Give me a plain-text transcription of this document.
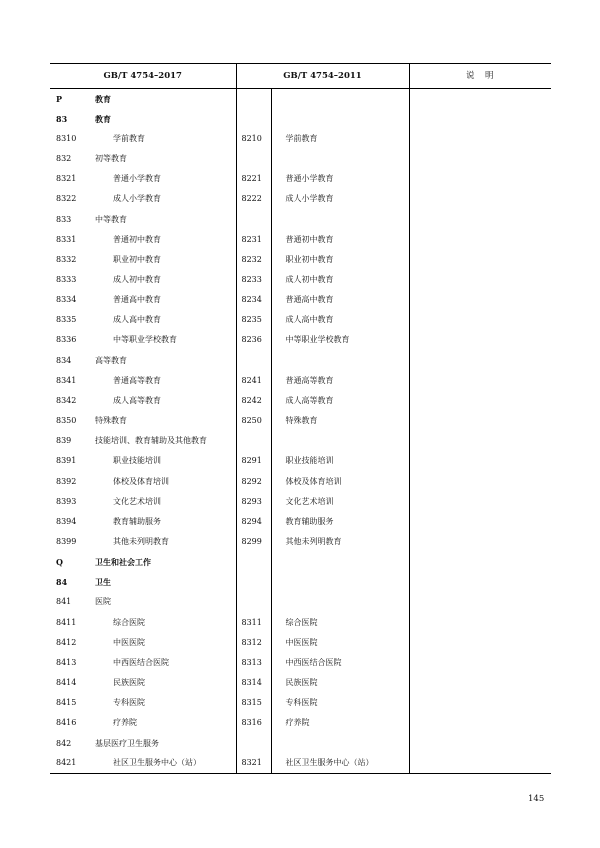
GB/T 4754–2017		GB/T 4754–2011		说　明
P	教育			
83	教育			
8310	学前教育	8210	学前教育	
832	初等教育			
8321	普通小学教育	8221	普通小学教育	
8322	成人小学教育	8222	成人小学教育	
833	中等教育			
8331	普通初中教育	8231	普通初中教育	
8332	职业初中教育	8232	职业初中教育	
8333	成人初中教育	8233	成人初中教育	
8334	普通高中教育	8234	普通高中教育	
8335	成人高中教育	8235	成人高中教育	
8336	中等职业学校教育	8236	中等职业学校教育	
834	高等教育			
8341	普通高等教育	8241	普通高等教育	
8342	成人高等教育	8242	成人高等教育	
8350	特殊教育	8250	特殊教育	
839	技能培训、教育辅助及其他教育			
8391	职业技能培训	8291	职业技能培训	
8392	体校及体育培训	8292	体校及体育培训	
8393	文化艺术培训	8293	文化艺术培训	
8394	教育辅助服务	8294	教育辅助服务	
8399	其他未列明教育	8299	其他未列明教育	
Q	卫生和社会工作			
84	卫生			
841	医院			
8411	综合医院	8311	综合医院	
8412	中医医院	8312	中医医院	
8413	中西医结合医院	8313	中西医结合医院	
8414	民族医院	8314	民族医院	
8415	专科医院	8315	专科医院	
8416	疗养院	8316	疗养院	
842	基层医疗卫生服务			
8421	社区卫生服务中心（站）	8321	社区卫生服务中心（站）	
145
